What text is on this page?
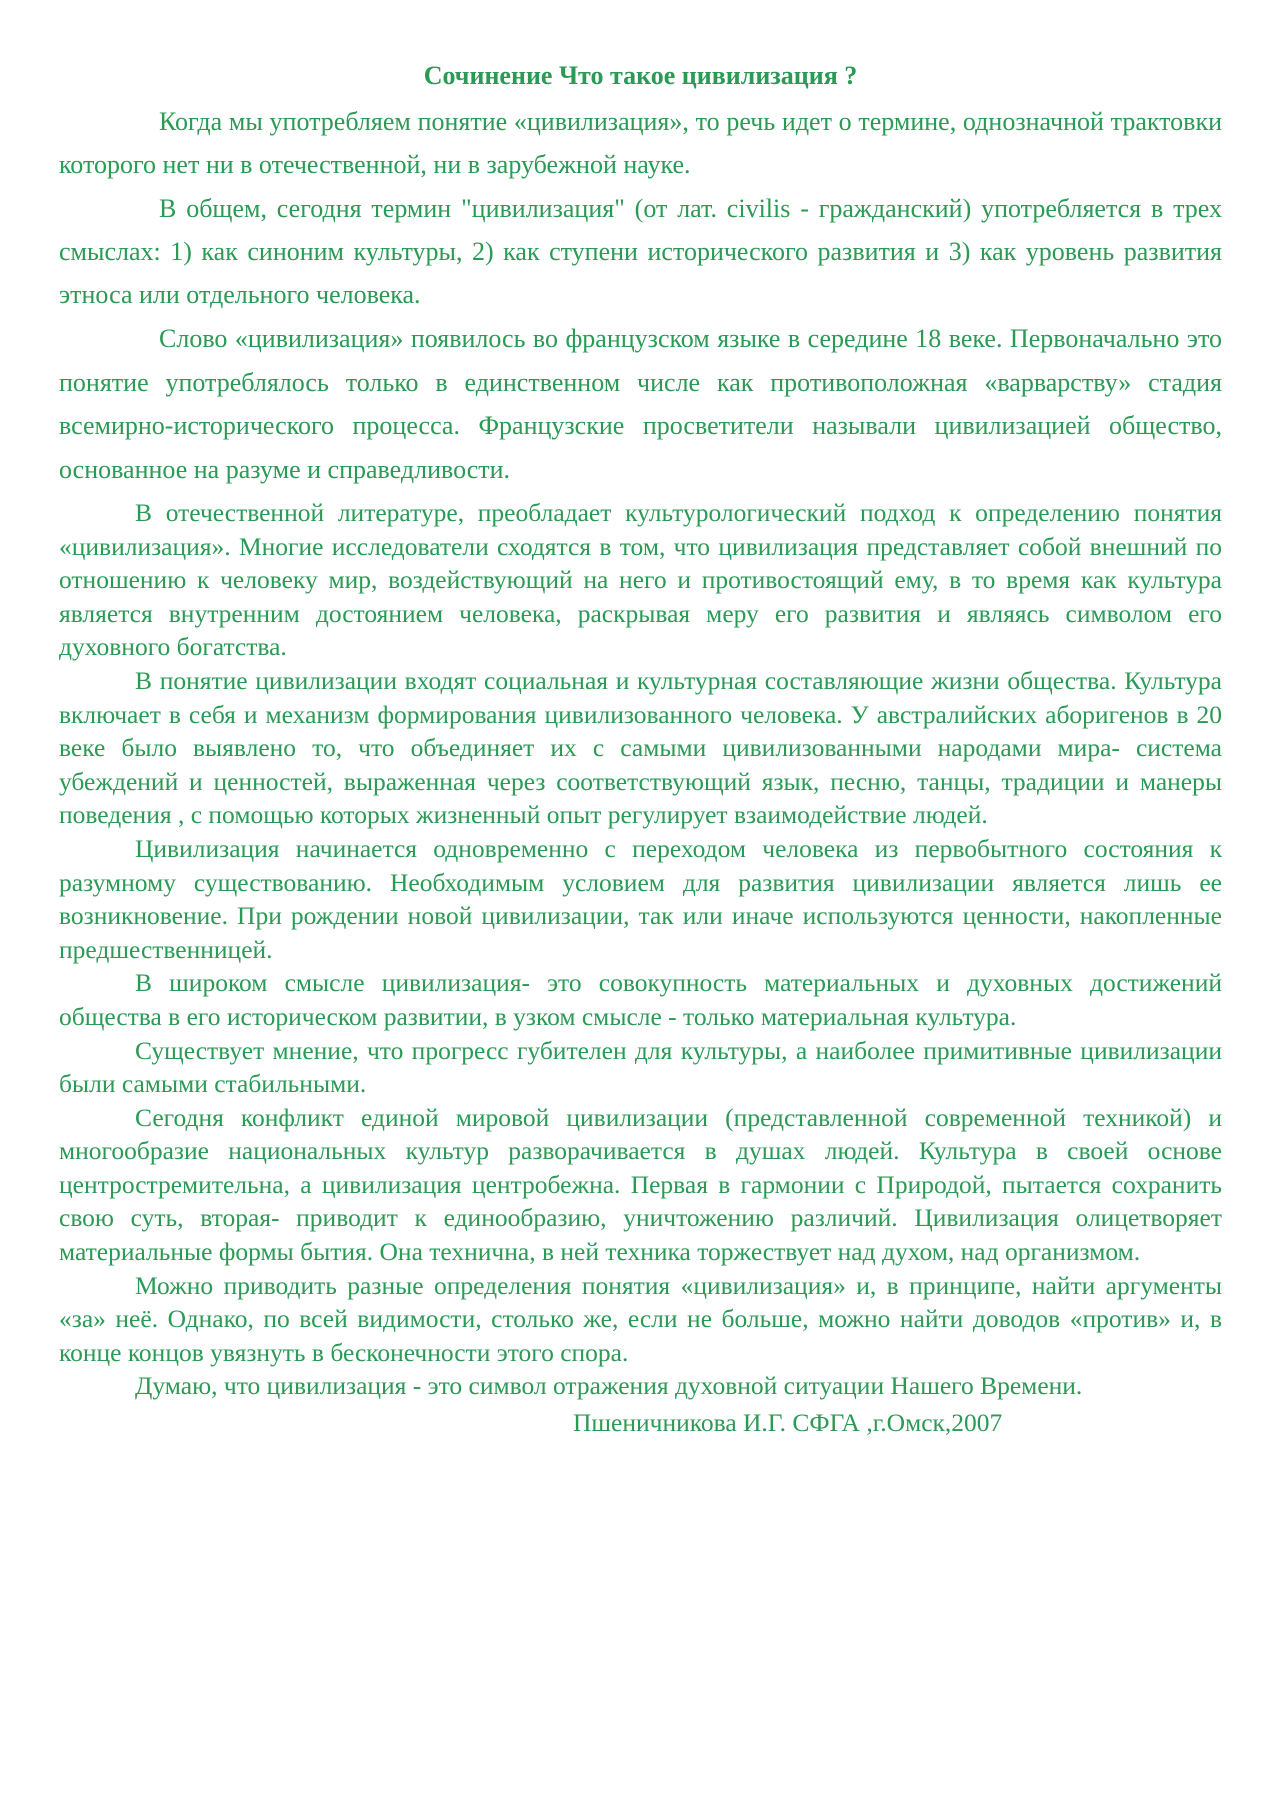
Сочинение Что такое цивилизация ?

Когда мы употребляем понятие «цивилизация», то речь идет о термине, однозначной трактовки которого нет ни в отечественной, ни в зарубежной науке.

В общем, сегодня термин "цивилизация" (от лат. civilis - гражданский) употребляется в трех смыслах: 1) как синоним культуры, 2) как ступени исторического развития и 3) как уровень развития этноса или отдельного человека.

Слово «цивилизация» появилось во французском языке в середине 18 веке. Первоначально это понятие употреблялось только в единственном числе как противоположная «варварству» стадия всемирно-исторического процесса. Французские просветители называли цивилизацией общество, основанное на разуме и справедливости.

В отечественной литературе, преобладает культурологический подход к определению понятия «цивилизация». Многие исследователи сходятся в том, что цивилизация представляет собой внешний по отношению к человеку мир, воздействующий на него и противостоящий ему, в то время как культура является внутренним достоянием человека, раскрывая меру его развития и являясь символом его духовного богатства.

В понятие цивилизации входят социальная и культурная составляющие жизни общества. Культура включает в себя и механизм формирования цивилизованного человека. У австралийских аборигенов в 20 веке было выявлено то, что объединяет их с самыми цивилизованными народами мира- система убеждений и ценностей, выраженная через соответствующий язык, песню, танцы, традиции и манеры поведения , с помощью которых жизненный опыт регулирует взаимодействие людей.

Цивилизация начинается одновременно с переходом человека из первобытного состояния к разумному существованию. Необходимым условием для развития цивилизации является лишь ее возникновение. При рождении новой цивилизации, так или иначе используются ценности, накопленные предшественницей.

В широком смысле цивилизация- это совокупность материальных и духовных достижений общества в его историческом развитии, в узком смысле - только материальная культура.

Существует мнение, что прогресс губителен для культуры, а наиболее примитивные цивилизации были самыми стабильными.

Сегодня конфликт единой мировой цивилизации (представленной современной техникой) и многообразие национальных культур разворачивается в душах людей. Культура в своей основе центростремительна, а цивилизация центробежна. Первая в гармонии с Природой, пытается сохранить свою суть, вторая- приводит к единообразию, уничтожению различий. Цивилизация олицетворяет материальные формы бытия. Она технична, в ней техника торжествует над духом, над организмом.

Можно приводить разные определения понятия «цивилизация» и, в принципе, найти аргументы «за» неё. Однако, по всей видимости, столько же, если не больше, можно найти доводов «против» и, в конце концов увязнуть в бесконечности этого спора.

Думаю, что цивилизация - это символ отражения духовной ситуации Нашего Времени.

Пшеничникова И.Г. СФГА ,г.Омск,2007
